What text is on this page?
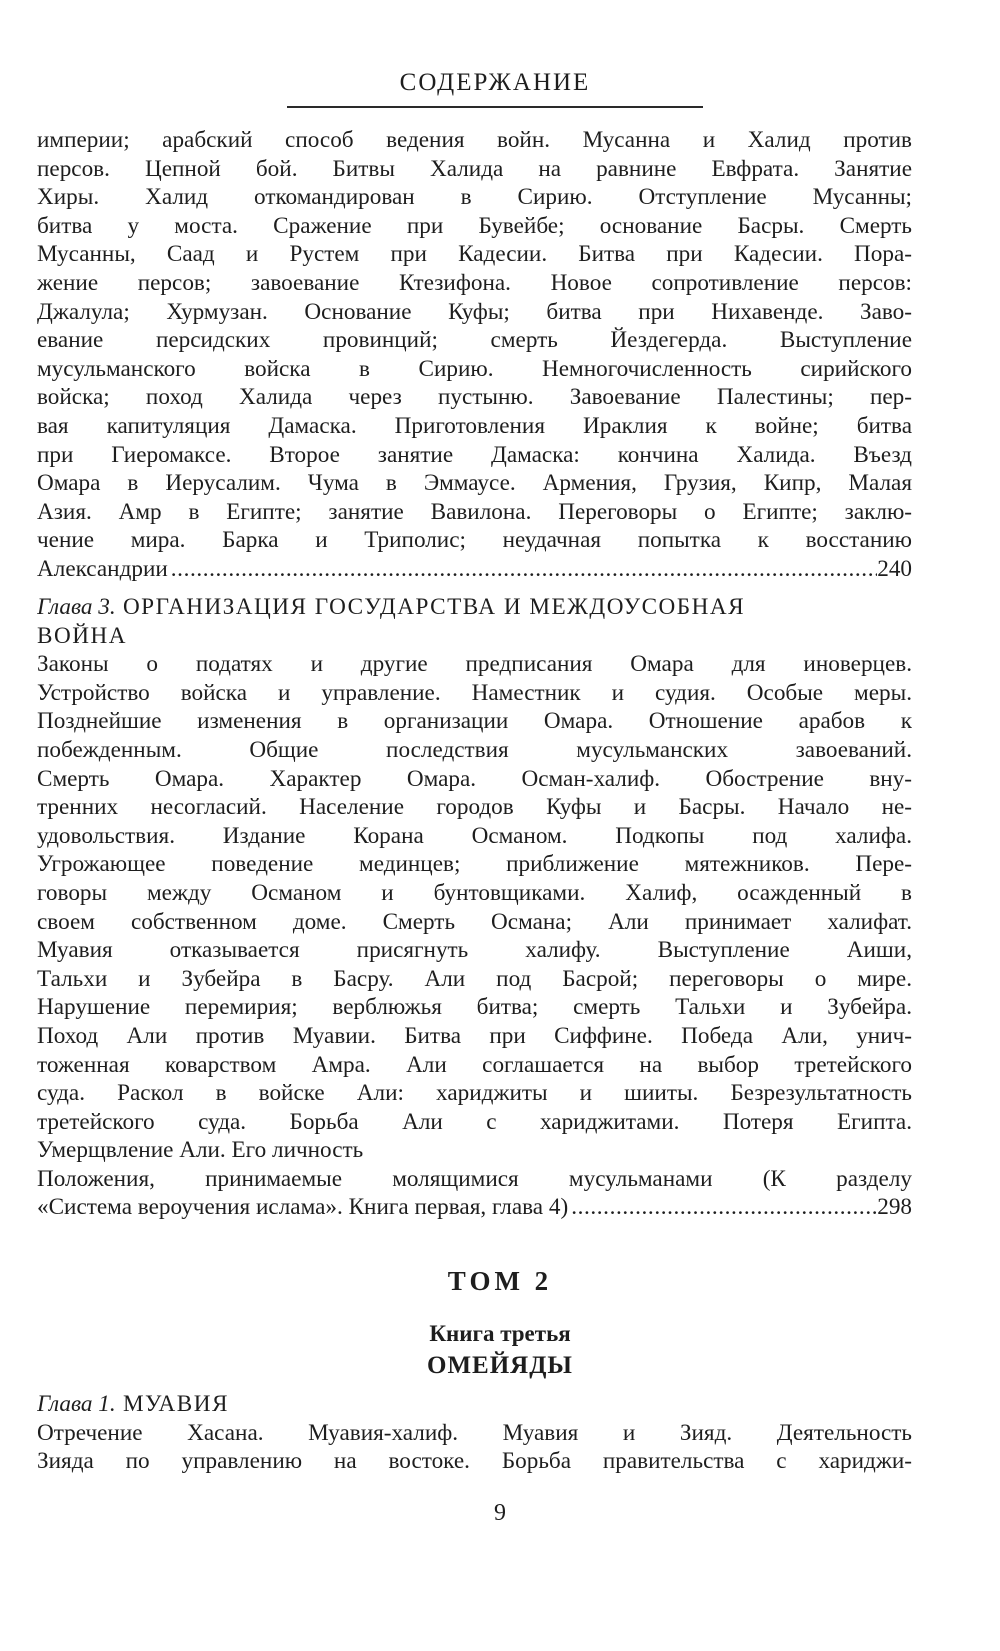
СОДЕРЖАНИЕ
империи; арабский способ ведения войн. Мусанна и Халид против
персов. Цепной бой. Битвы Халида на равнине Евфрата. Занятие
Хиры. Халид откомандирован в Сирию. Отступление Мусанны;
битва у моста. Сражение при Бувейбе; основание Басры. Смерть
Мусанны, Саад и Рустем при Кадесии. Битва при Кадесии. Пора-
жение персов; завоевание Ктезифона. Новое сопротивление персов:
Джалула; Хурмузан. Основание Куфы; битва при Нихавенде. Заво-
евание персидских провинций; смерть Йездегерда. Выступление
мусульманского войска в Сирию. Немногочисленность сирийского
войска; поход Халида через пустыню. Завоевание Палестины; пер-
вая капитуляция Дамаска. Приготовления Ираклия к войне; битва
при Гиеромаксе. Второе занятие Дамаска: кончина Халида. Въезд
Омара в Иерусалим. Чума в Эммаусе. Армения, Грузия, Кипр, Малая
Азия. Амр в Египте; занятие Вавилона. Переговоры о Египте; заклю-
чение мира. Барка и Триполис; неудачная попытка к восстанию
Александрии . . .	240
Глава 3. ОРГАНИЗАЦИЯ ГОСУДАРСТВА И МЕЖДОУСОБНАЯ
ВОЙНА
Законы о податях и другие предписания Омара для иноверцев.
Устройство войска и управление. Наместник и судия. Особые меры.
Позднейшие изменения в организации Омара. Отношение арабов к
побежденным. Общие последствия мусульманских завоеваний.
Смерть Омара. Характер Омара. Осман-халиф. Обострение вну-
тренних несогласий. Население городов Куфы и Басры. Начало не-
удовольствия. Издание Корана Османом. Подкопы под халифа.
Угрожающее поведение мединцев; приближение мятежников. Пере-
говоры между Османом и бунтовщиками. Халиф, осажденный в
своем собственном доме. Смерть Османа; Али принимает халифат.
Муавия отказывается присягнуть халифу. Выступление Аиши,
Тальхи и Зубейра в Басру. Али под Басрой; переговоры о мире.
Нарушение перемирия; верблюжья битва; смерть Тальхи и Зубейра.
Поход Али против Муавии. Битва при Сиффине. Победа Али, унич-
тоженная коварством Амра. Али соглашается на выбор третейского
суда. Раскол в войске Али: хариджиты и шииты. Безрезультатность
третейского суда. Борьба Али с хариджитами. Потеря Египта.
Умерщвление Али. Его личность
Положения, принимаемые молящимися мусульманами (К разделу
«Система вероучения ислама». Книга первая, глава 4) . . .	298
ТОМ 2
Книга третья
ОМЕЙЯДЫ
Глава 1. МУАВИЯ
Отречение Хасана. Муавия-халиф. Муавия и Зияд. Деятельность
Зияда по управлению на востоке. Борьба правительства с хариджи-
9
